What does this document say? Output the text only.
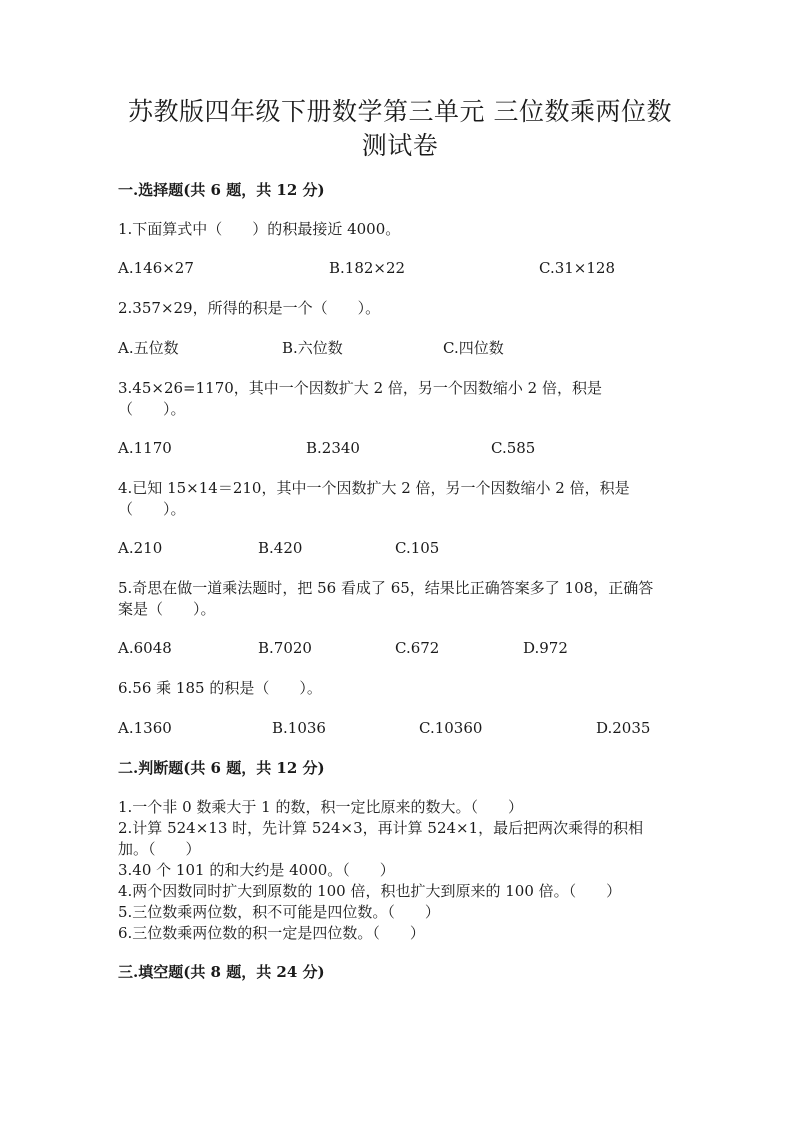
苏教版四年级下册数学第三单元 三位数乘两位数
测试卷
一.选择题(共 6 题，共 12 分)
1.下面算式中（　　）的积最接近 4000。
A.146×27	B.182×22	C.31×128
2.357×29，所得的积是一个（　　）。
A.五位数	B.六位数	C.四位数
3.45×26=1170，其中一个因数扩大 2 倍，另一个因数缩小 2 倍，积是
（　　）。
A.1170	B.2340	C.585
4.已知 15×14＝210，其中一个因数扩大 2 倍，另一个因数缩小 2 倍，积是
（　　）。
A.210	B.420	C.105
5.奇思在做一道乘法题时，把 56 看成了 65，结果比正确答案多了 108，正确答
案是（　　）。
A.6048	B.7020	C.672	D.972
6.56 乘 185 的积是（　　）。
A.1360	B.1036	C.10360	D.2035
二.判断题(共 6 题，共 12 分)
1.一个非 0 数乘大于 1 的数，积一定比原来的数大。（　　）
2.计算 524×13 时，先计算 524×3，再计算 524×1，最后把两次乘得的积相
加。（　　）
3.40 个 101 的和大约是 4000。（　　）
4.两个因数同时扩大到原数的 100 倍，积也扩大到原来的 100 倍。（　　）
5.三位数乘两位数，积不可能是四位数。（　　）
6.三位数乘两位数的积一定是四位数。（　　）
三.填空题(共 8 题，共 24 分)
